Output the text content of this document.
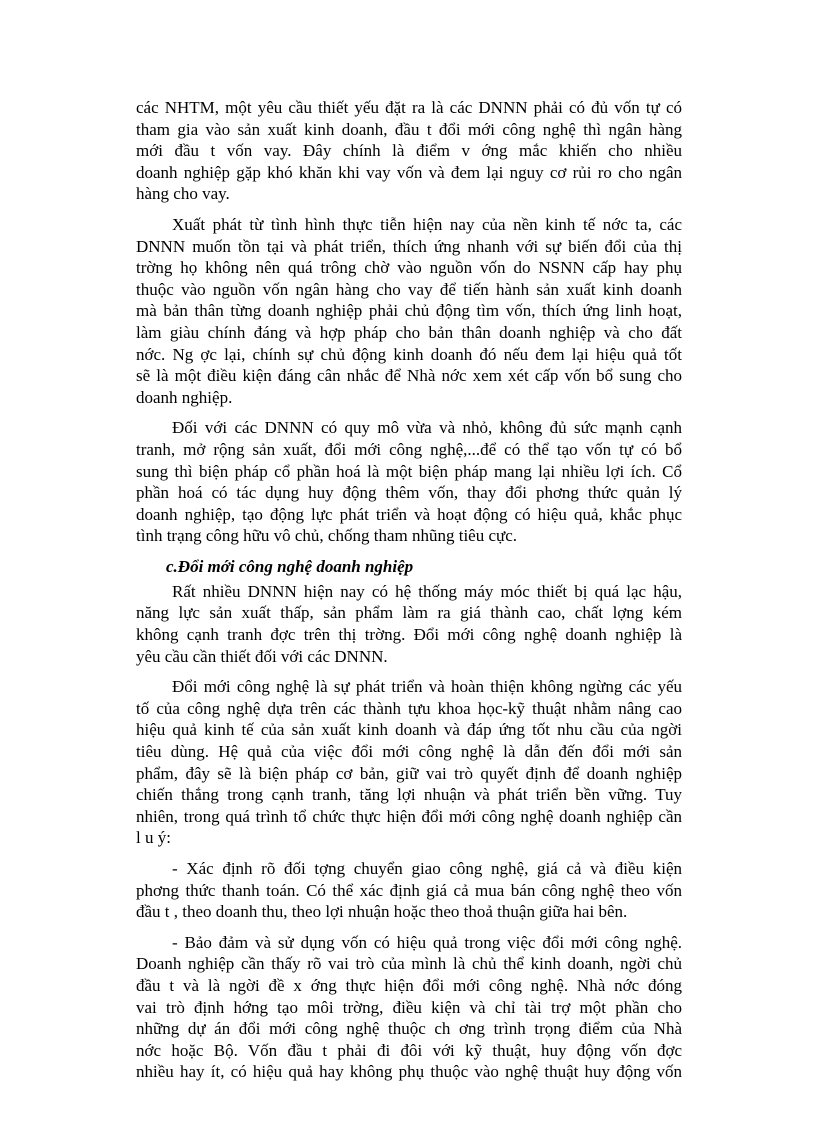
các NHTM, một yêu cầu thiết yếu đặt ra là các DNNN phải có đủ vốn tự có
tham gia vào sản xuất kinh doanh, đầu t đổi mới công nghệ thì ngân hàng
mới đầu t vốn vay. Đây chính là điểm v ớng mắc khiến cho nhiều
doanh nghiệp gặp khó khăn khi vay vốn và đem lại nguy cơ rủi ro cho ngân
hàng cho vay.

Xuất phát từ tình hình thực tiễn hiện nay của nền kinh tế nớc ta, các
DNNN muốn tồn tại và phát triển, thích ứng nhanh với sự biến đổi của thị
trờng họ không nên quá trông chờ vào nguồn vốn do NSNN cấp hay phụ
thuộc vào nguồn vốn ngân hàng cho vay để tiến hành sản xuất kinh doanh
mà bản thân từng doanh nghiệp phải chủ động tìm vốn, thích ứng linh hoạt,
làm giàu chính đáng và hợp pháp cho bản thân doanh nghiệp và cho đất
nớc. Ng ợc lại, chính sự chủ động kinh doanh đó nếu đem lại hiệu quả tốt
sẽ là một điều kiện đáng cân nhắc để Nhà nớc xem xét cấp vốn bổ sung cho
doanh nghiệp.

Đối với các DNNN có quy mô vừa và nhỏ, không đủ sức mạnh cạnh
tranh, mở rộng sản xuất, đổi mới công nghệ,...để có thể tạo vốn tự có bổ
sung thì biện pháp cổ phần hoá là một biện pháp mang lại nhiều lợi ích. Cổ
phần hoá có tác dụng huy động thêm vốn, thay đổi phơng thức quản lý
doanh nghiệp, tạo động lực phát triển và hoạt động có hiệu quả, khắc phục
tình trạng công hữu vô chủ, chống tham nhũng tiêu cực.

c.Đổi mới công nghệ doanh nghiệp

Rất nhiều DNNN hiện nay có hệ thống máy móc thiết bị quá lạc hậu,
năng lực sản xuất thấp, sản phẩm làm ra giá thành cao, chất lợng kém
không cạnh tranh đợc trên thị trờng. Đổi mới công nghệ doanh nghiệp là
yêu cầu cần thiết đối với các DNNN.

Đổi mới công nghệ là sự phát triển và hoàn thiện không ngừng các yếu
tố của công nghệ dựa trên các thành tựu khoa học-kỹ thuật nhằm nâng cao
hiệu quả kinh tế của sản xuất kinh doanh và đáp ứng tốt nhu cầu của ngời
tiêu dùng. Hệ quả của việc đổi mới công nghệ là dẫn đến đổi mới sản
phẩm, đây sẽ là biện pháp cơ bản, giữ vai trò quyết định để doanh nghiệp
chiến thắng trong cạnh tranh, tăng lợi nhuận và phát triển bền vững. Tuy
nhiên, trong quá trình tổ chức thực hiện đổi mới công nghệ doanh nghiệp cần
l u ý:

- Xác định rõ đối tợng chuyển giao công nghệ, giá cả và điều kiện
phơng thức thanh toán. Có thể xác định giá cả mua bán công nghệ theo vốn
đầu t , theo doanh thu, theo lợi nhuận hoặc theo thoả thuận giữa hai bên.

- Bảo đảm và sử dụng vốn có hiệu quả trong việc đổi mới công nghệ.
Doanh nghiệp cần thấy rõ vai trò của mình là chủ thể kinh doanh, ngời chủ
đầu t và là ngời đề x ớng thực hiện đổi mới công nghệ. Nhà nớc đóng
vai trò định hớng tạo môi trờng, điều kiện và chỉ tài trợ một phần cho
những dự án đổi mới công nghệ thuộc ch ơng trình trọng điểm của Nhà
nớc hoặc Bộ. Vốn đầu t phải đi đôi với kỹ thuật, huy động vốn đợc
nhiều hay ít, có hiệu quả hay không phụ thuộc vào nghệ thuật huy động vốn
